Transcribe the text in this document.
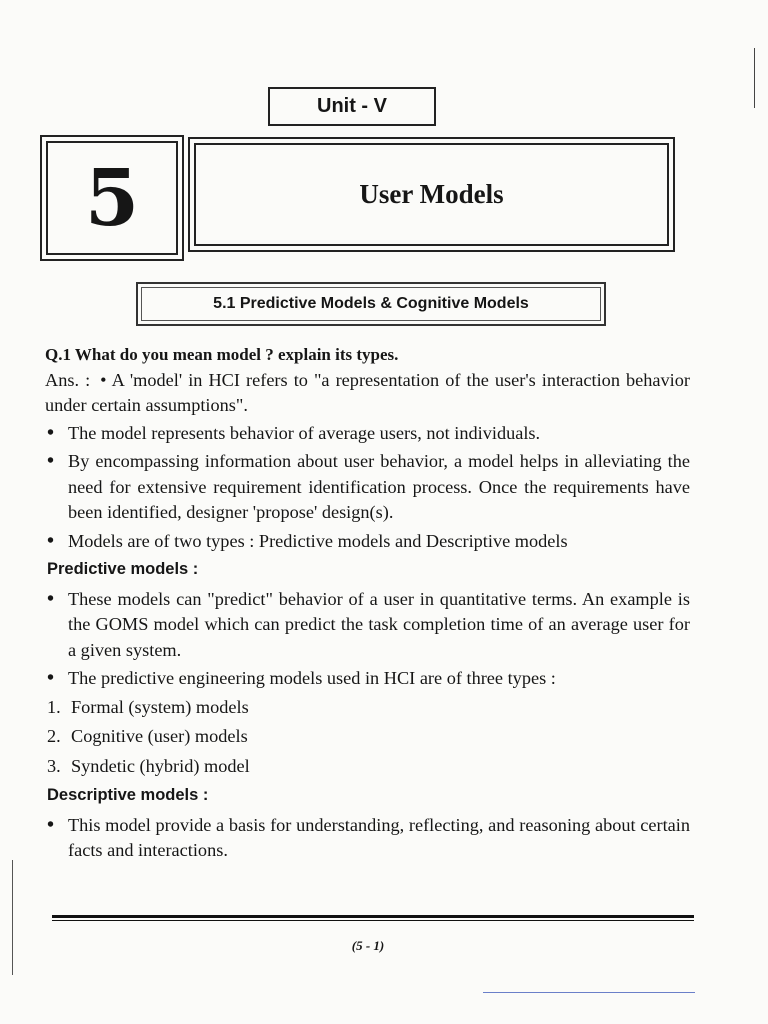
Unit - V
5	User Models
5.1 Predictive Models & Cognitive Models
Q.1 What do you mean model ? explain its types.

Ans. : • A 'model' in HCI refers to "a representation of the user's interaction behavior under certain assumptions".

• The model represents behavior of average users, not individuals.
• By encompassing information about user behavior, a model helps in alleviating the need for extensive requirement identification process. Once the requirements have been identified, designer 'propose' design(s).
• Models are of two types : Predictive models and Descriptive models
Predictive models :
• These models can "predict" behavior of a user in quantitative terms. An example is the GOMS model which can predict the task completion time of an average user for a given system.
• The predictive engineering models used in HCI are of three types :
1. Formal (system) models
2. Cognitive (user) models
3. Syndetic (hybrid) model
Descriptive models :
• This model provide a basis for understanding, reflecting, and reasoning about certain facts and interactions.
(5 - 1)
